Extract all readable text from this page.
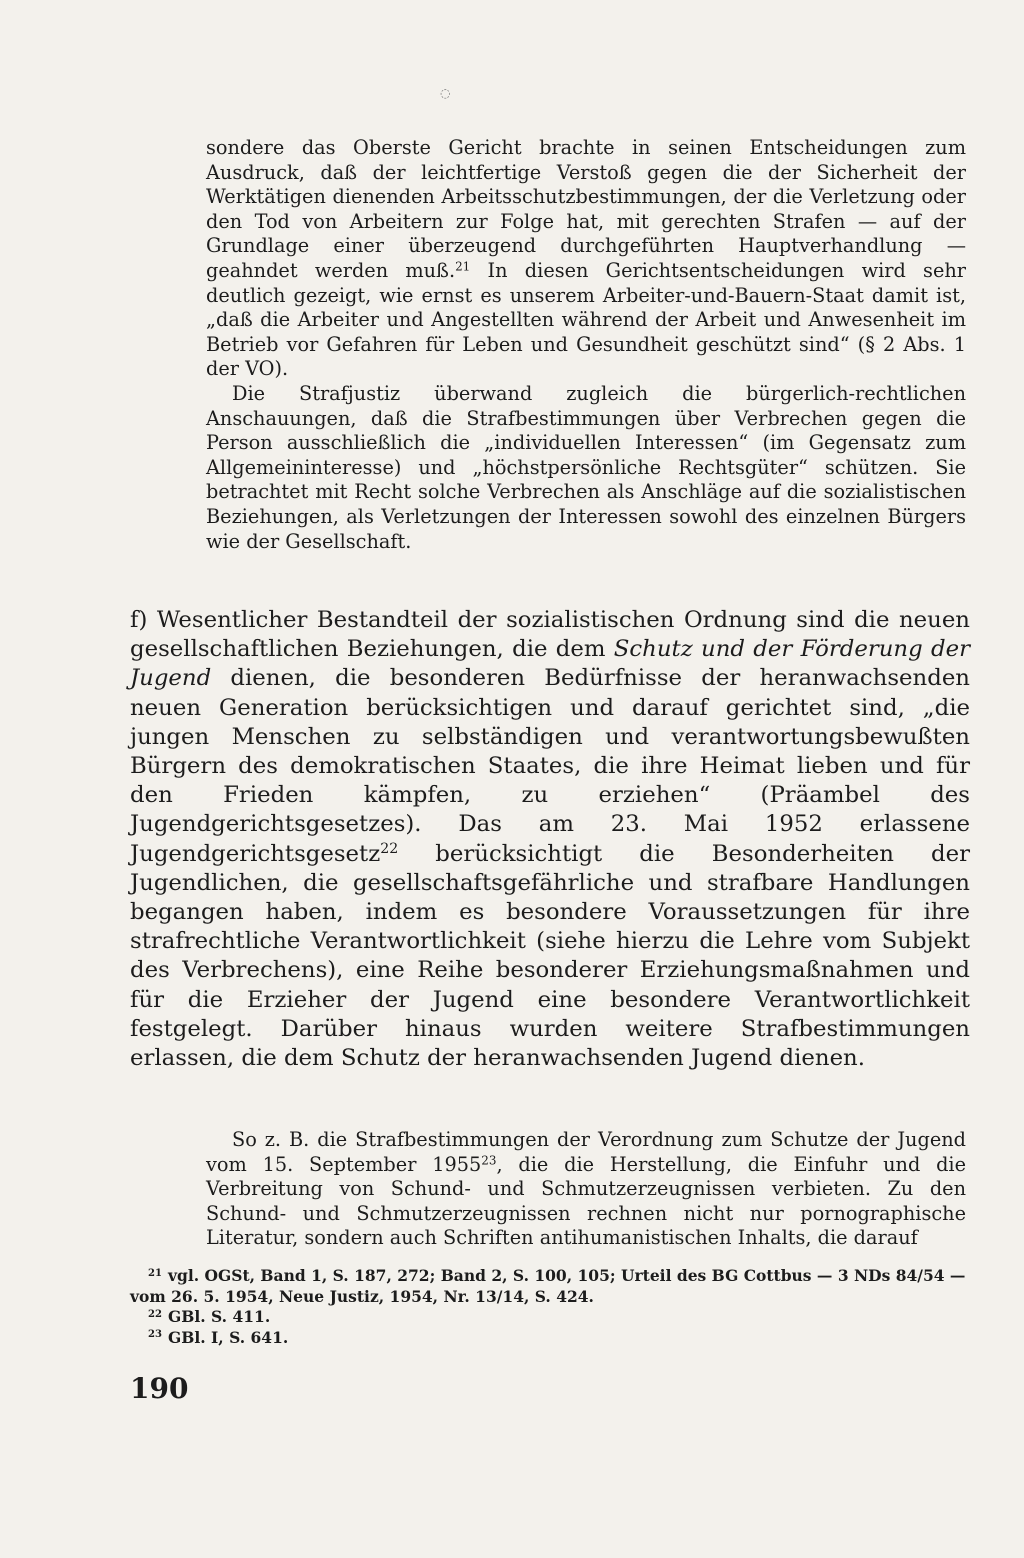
◌

sondere das Oberste Gericht brachte in seinen Entscheidungen zum Ausdruck, daß der leichtfertige Verstoß gegen die der Sicherheit der Werktätigen dienenden Arbeitsschutzbestimmungen, der die Verletzung oder den Tod von Arbeitern zur Folge hat, mit gerechten Strafen — auf der Grundlage einer überzeugend durchgeführten Hauptverhandlung — geahndet werden muß.$^{21}$ In diesen Gerichtsentscheidungen wird sehr deutlich gezeigt, wie ernst es unserem Arbeiter-und-Bauern-Staat damit ist, „daß die Arbeiter und Angestellten während der Arbeit und Anwesenheit im Betrieb vor Gefahren für Leben und Gesundheit geschützt sind“ (§ 2 Abs. 1 der VO).

Die Strafjustiz überwand zugleich die bürgerlich-rechtlichen Anschauungen, daß die Strafbestimmungen über Verbrechen gegen die Person ausschließlich die „individuellen Interessen“ (im Gegensatz zum Allgemeininteresse) und „höchstpersönliche Rechtsgüter“ schützen. Sie betrachtet mit Recht solche Verbrechen als Anschläge auf die sozialistischen Beziehungen, als Verletzungen der Interessen sowohl des einzelnen Bürgers wie der Gesellschaft.

f) Wesentlicher Bestandteil der sozialistischen Ordnung sind die neuen gesellschaftlichen Beziehungen, die dem Schutz und der Förderung der Jugend dienen, die besonderen Bedürfnisse der heranwachsenden neuen Generation berücksichtigen und darauf gerichtet sind, „die jungen Menschen zu selbständigen und verantwortungsbewußten Bürgern des demokratischen Staates, die ihre Heimat lieben und für den Frieden kämpfen, zu erziehen“ (Präambel des Jugendgerichtsgesetzes). Das am 23. Mai 1952 erlassene Jugendgerichtsgesetz$^{22}$ berücksichtigt die Besonderheiten der Jugendlichen, die gesellschaftsgefährliche und strafbare Handlungen begangen haben, indem es besondere Voraussetzungen für ihre strafrechtliche Verantwortlichkeit (siehe hierzu die Lehre vom Subjekt des Verbrechens), eine Reihe besonderer Erziehungsmaßnahmen und für die Erzieher der Jugend eine besondere Verantwortlichkeit festgelegt. Darüber hinaus wurden weitere Strafbestimmungen erlassen, die dem Schutz der heranwachsenden Jugend dienen.

So z. B. die Strafbestimmungen der Verordnung zum Schutze der Jugend vom 15. September 1955$^{23}$, die die Herstellung, die Einfuhr und die Verbreitung von Schund- und Schmutzerzeugnissen verbieten. Zu den Schund- und Schmutzerzeugnissen rechnen nicht nur pornographische Literatur, sondern auch Schriften antihumanistischen Inhalts, die darauf

$^{21}$ vgl. OGSt, Band 1, S. 187, 272; Band 2, S. 100, 105; Urteil des BG Cottbus — 3 NDs 84/54 — vom 26. 5. 1954, Neue Justiz, 1954, Nr. 13/14, S. 424.

$^{22}$ GBl. S. 411.

$^{23}$ GBl. I, S. 641.

190
